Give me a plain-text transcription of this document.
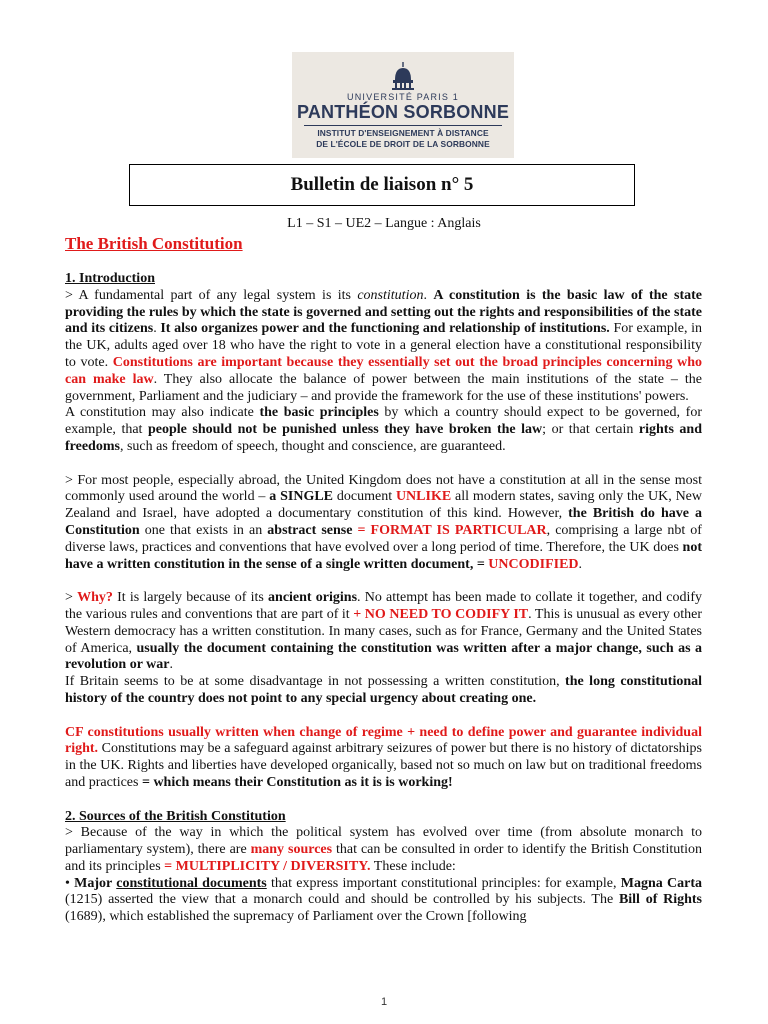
UNIVERSITÉ PARIS 1
PANTHÉON SORBONNE
INSTITUT D'ENSEIGNEMENT À DISTANCE
DE L'ÉCOLE DE DROIT DE LA SORBONNE
Bulletin de liaison n° 5
L1 – S1 – UE2 – Langue : Anglais
The British Constitution
1. Introduction

> A fundamental part of any legal system is its constitution. A constitution is the basic law of the state providing the rules by which the state is governed and setting out the rights and responsibilities of the state and its citizens. It also organizes power and the functioning and relationship of institutions. For example, in the UK, adults aged over 18 who have the right to vote in a general election have a constitutional responsibility to vote. Constitutions are important because they essentially set out the broad principles concerning who can make law. They also allocate the balance of power between the main institutions of the state – the government, Parliament and the judiciary – and provide the framework for the use of these institutions' powers.

A constitution may also indicate the basic principles by which a country should expect to be governed, for example, that people should not be punished unless they have broken the law; or that certain rights and freedoms, such as freedom of speech, thought and conscience, are guaranteed.

> For most people, especially abroad, the United Kingdom does not have a constitution at all in the sense most commonly used around the world – a SINGLE document UNLIKE all modern states, saving only the UK, New Zealand and Israel, have adopted a documentary constitution of this kind. However, the British do have a Constitution one that exists in an abstract sense = FORMAT IS PARTICULAR, comprising a large nbt of diverse laws, practices and conventions that have evolved over a long period of time. Therefore, the UK does not have a written constitution in the sense of a single written document, = UNCODIFIED.

> Why? It is largely because of its ancient origins. No attempt has been made to collate it together, and codify the various rules and conventions that are part of it + NO NEED TO CODIFY IT. This is unusual as every other Western democracy has a written constitution. In many cases, such as for France, Germany and the United States of America, usually the document containing the constitution was written after a major change, such as a revolution or war.

If Britain seems to be at some disadvantage in not possessing a written constitution, the long constitutional history of the country does not point to any special urgency about creating one.

CF constitutions usually written when change of regime + need to define power and guarantee individual right. Constitutions may be a safeguard against arbitrary seizures of power but there is no history of dictatorships in the UK. Rights and liberties have developed organically, based not so much on law but on traditional freedoms and practices = which means their Constitution as it is is working!

2. Sources of the British Constitution

> Because of the way in which the political system has evolved over time (from absolute monarch to parliamentary system), there are many sources that can be consulted in order to identify the British Constitution and its principles = MULTIPLICITY / DIVERSITY. These include:

• Major constitutional documents that express important constitutional principles: for example, Magna Carta (1215) asserted the view that a monarch could and should be controlled by his subjects. The Bill of Rights (1689), which established the supremacy of Parliament over the Crown [following

1
